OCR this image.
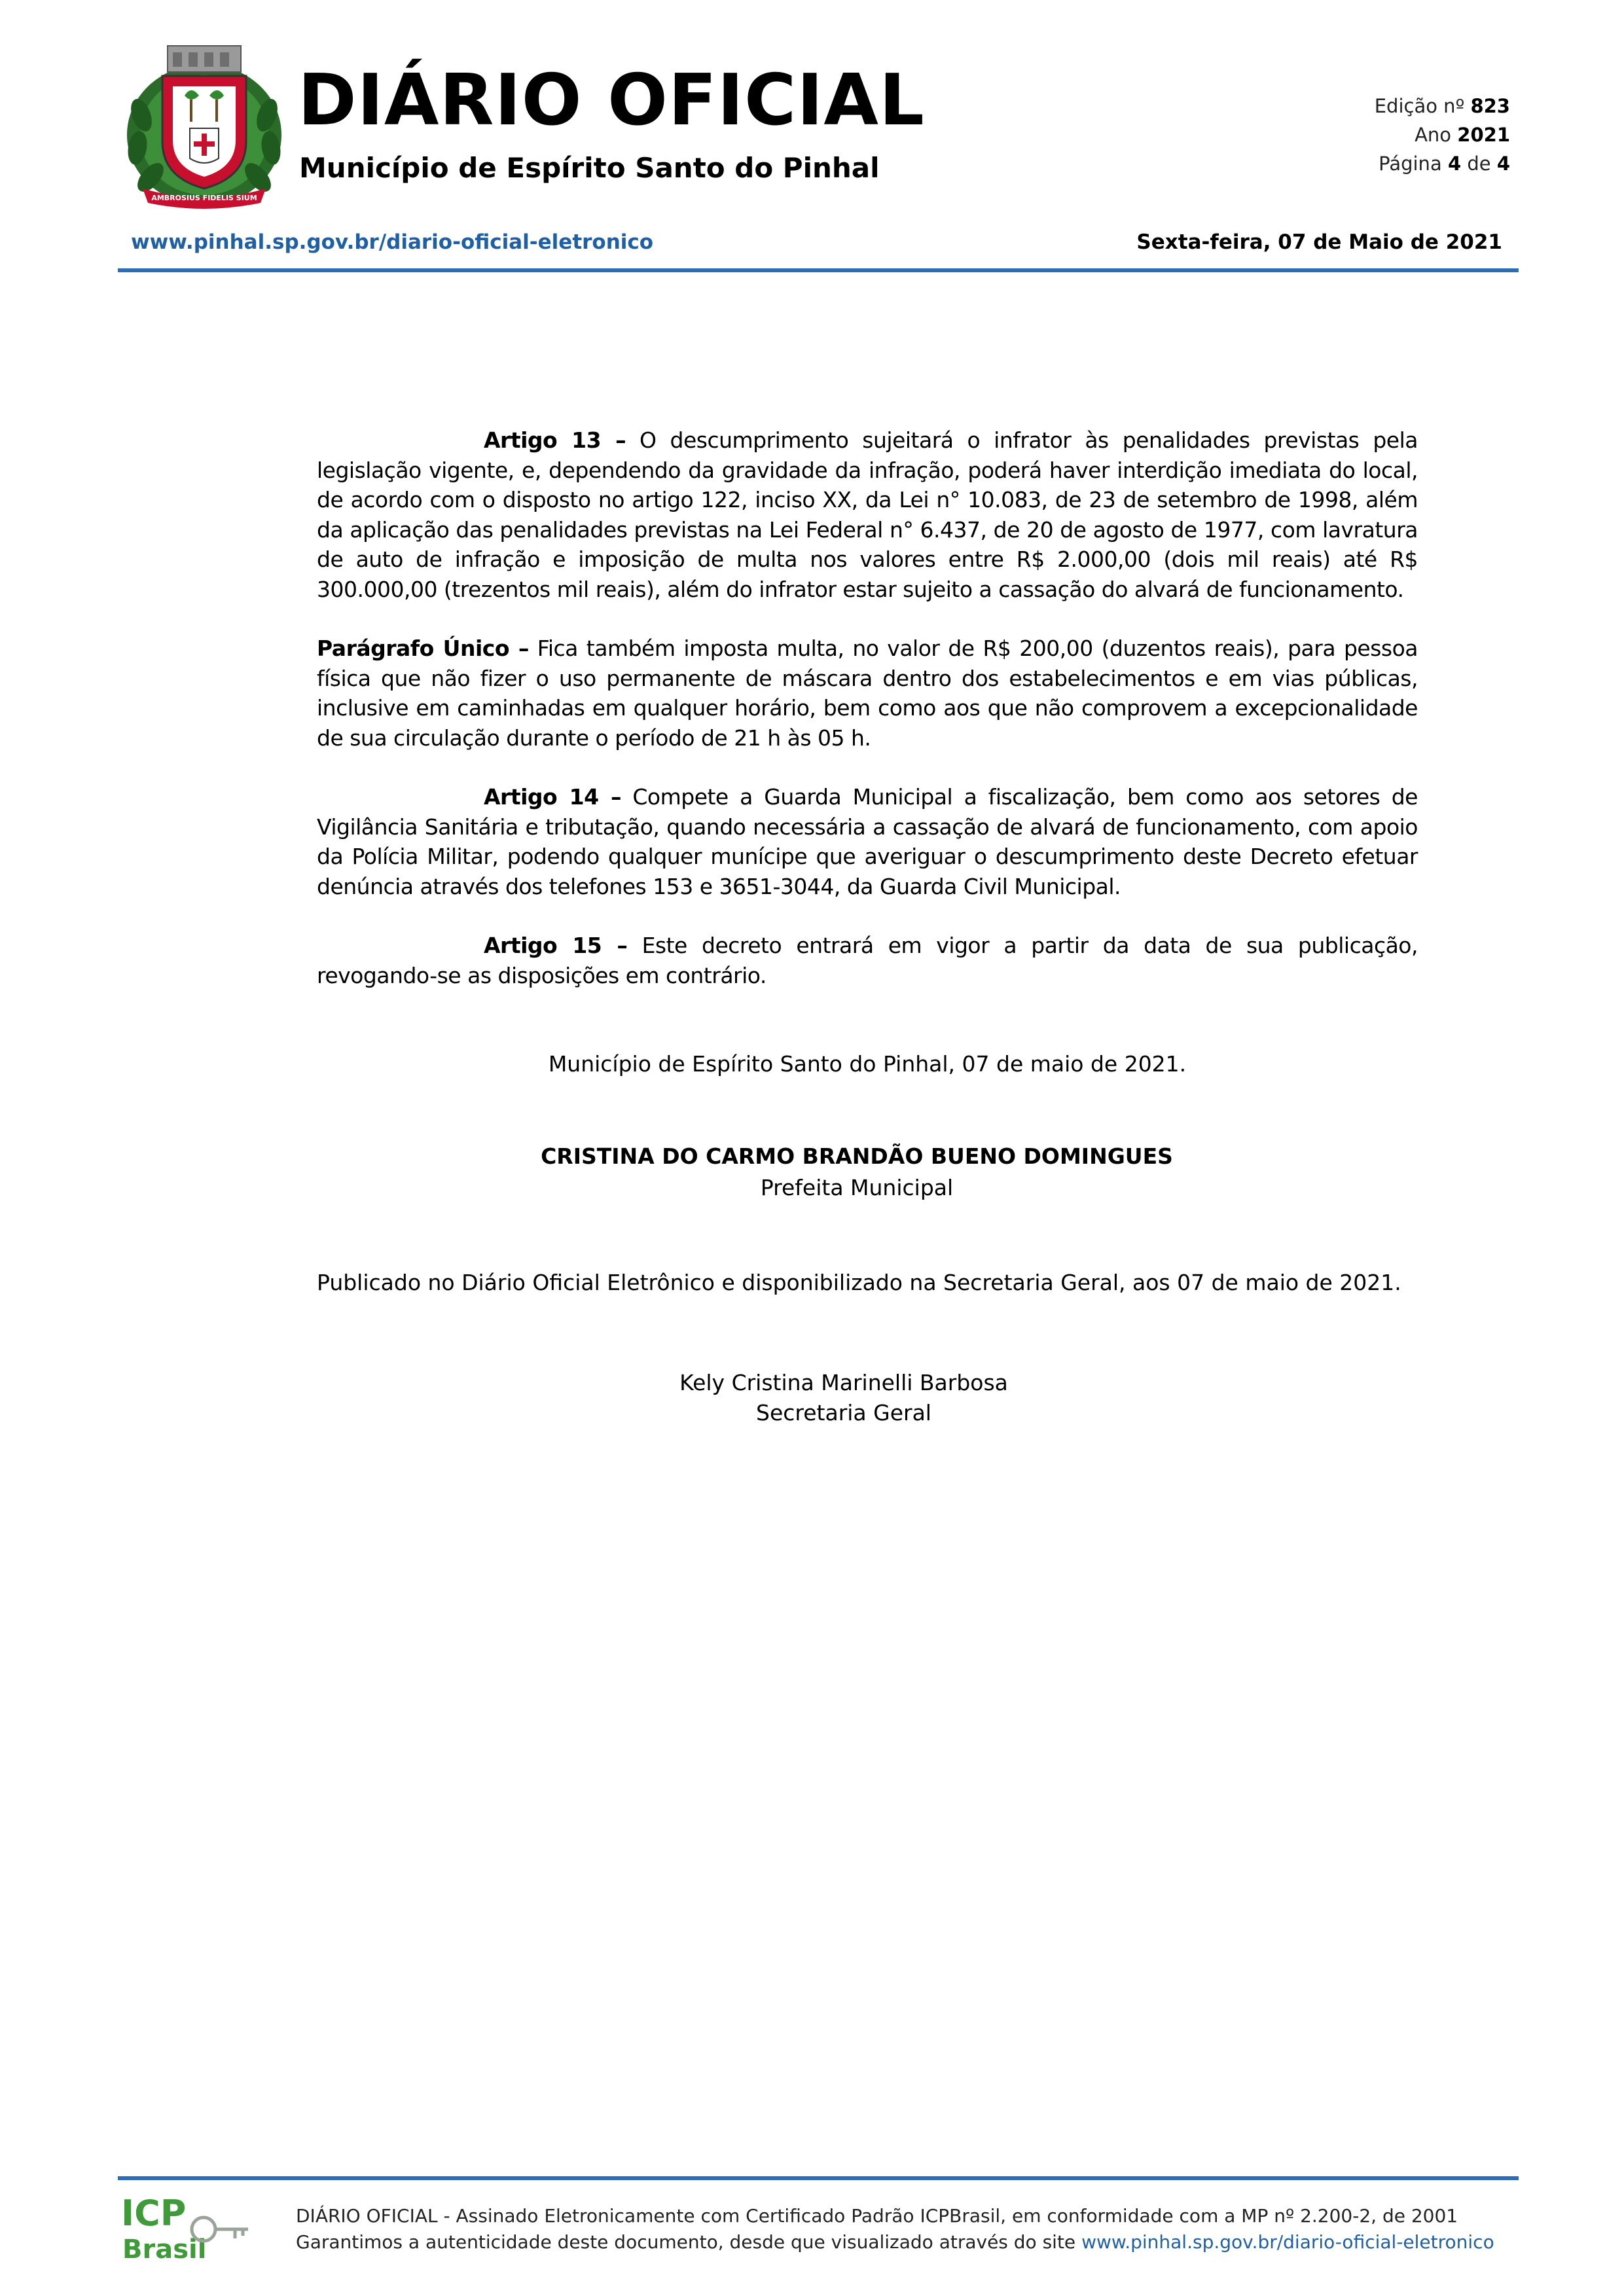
AMBROSIUS FIDELIS SIUM
DIÁRIO OFICIAL
Município de Espírito Santo do Pinhal
Edição nº 823
Ano 2021
Página 4 de 4
www.pinhal.sp.gov.br/diario-oficial-eletronico	Sexta-feira, 07 de Maio de 2021

Artigo 13 – O descumprimento sujeitará o infrator às penalidades previstas pela legislação vigente, e, dependendo da gravidade da infração, poderá haver interdição imediata do local, de acordo com o disposto no artigo 122, inciso XX, da Lei n° 10.083, de 23 de setembro de 1998, além da aplicação das penalidades previstas na Lei Federal n° 6.437, de 20 de agosto de 1977, com lavratura de auto de infração e imposição de multa nos valores entre R$ 2.000,00 (dois mil reais) até R$ 300.000,00 (trezentos mil reais), além do infrator estar sujeito a cassação do alvará de funcionamento.

Parágrafo Único – Fica também imposta multa, no valor de R$ 200,00 (duzentos reais), para pessoa física que não fizer o uso permanente de máscara dentro dos estabelecimentos e em vias públicas, inclusive em caminhadas em qualquer horário, bem como aos que não comprovem a excepcionalidade de sua circulação durante o período de 21 h às 05 h.

Artigo 14 – Compete a Guarda Municipal a fiscalização, bem como aos setores de Vigilância Sanitária e tributação, quando necessária a cassação de alvará de funcionamento, com apoio da Polícia Militar, podendo qualquer munícipe que averiguar o descumprimento deste Decreto efetuar denúncia através dos telefones 153 e 3651-3044, da Guarda Civil Municipal.

Artigo 15 – Este decreto entrará em vigor a partir da data de sua publicação, revogando-se as disposições em contrário.

Município de Espírito Santo do Pinhal, 07 de maio de 2021.
CRISTINA DO CARMO BRANDÃO BUENO DOMINGUES
Prefeita Municipal
Publicado no Diário Oficial Eletrônico e disponibilizado na Secretaria Geral, aos 07 de maio de 2021.
Kely Cristina Marinelli Barbosa
Secretaria Geral
ICP
Brasil
DIÁRIO OFICIAL - Assinado Eletronicamente com Certificado Padrão ICPBrasil, em conformidade com a MP nº 2.200-2, de 2001
Garantimos a autenticidade deste documento, desde que visualizado através do site www.pinhal.sp.gov.br/diario-oficial-eletronico
